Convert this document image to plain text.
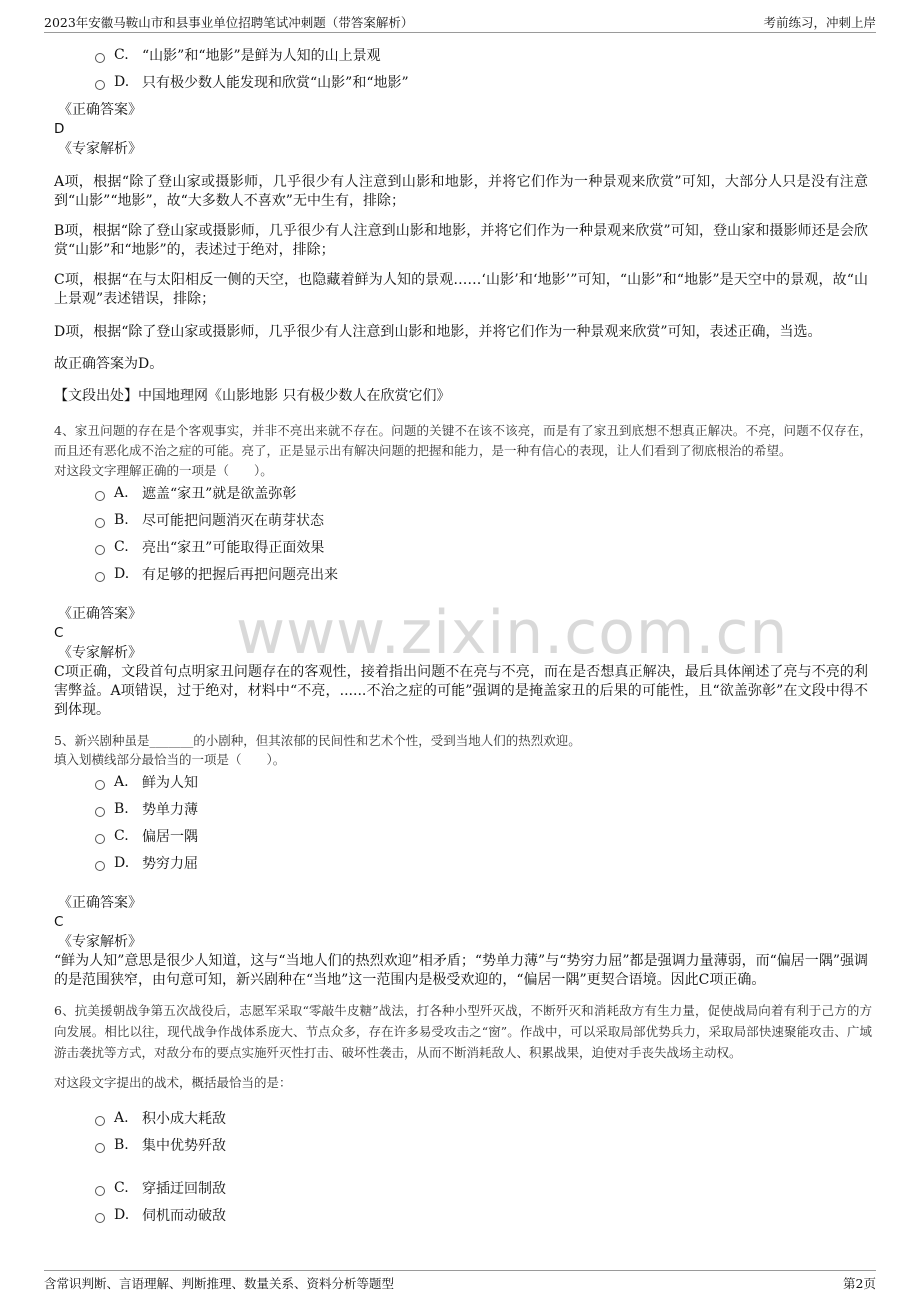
2023年安徽马鞍山市和县事业单位招聘笔试冲刺题（带答案解析）	考前练习，冲刺上岸
www.zixin.com.cn
C. “山影”和“地影”是鲜为人知的山上景观
D. 只有极少数人能发现和欣赏“山影”和“地影”
《正确答案》
D
《专家解析》
A项，根据“除了登山家或摄影师，几乎很少有人注意到山影和地影，并将它们作为一种景观来欣赏”可知，大部分人只是没有注意到“山影”“地影”，故“大多数人不喜欢”无中生有，排除；
B项，根据“除了登山家或摄影师，几乎很少有人注意到山影和地影，并将它们作为一种景观来欣赏”可知，登山家和摄影师还是会欣赏“山影”和“地影”的，表述过于绝对，排除；
C项，根据“在与太阳相反一侧的天空，也隐藏着鲜为人知的景观……‘山影’和‘地影’”可知，“山影”和“地影”是天空中的景观，故“山上景观”表述错误，排除；
D项，根据“除了登山家或摄影师，几乎很少有人注意到山影和地影，并将它们作为一种景观来欣赏”可知，表述正确，当选。
故正确答案为D。
【文段出处】中国地理网《山影地影 只有极少数人在欣赏它们》
4、家丑问题的存在是个客观事实，并非不亮出来就不存在。问题的关键不在该不该亮，而是有了家丑到底想不想真正解决。不亮，问题不仅存在，而且还有恶化成不治之症的可能。亮了，正是显示出有解决问题的把握和能力，是一种有信心的表现，让人们看到了彻底根治的希望。
对这段文字理解正确的一项是（　　）。
A. 遮盖“家丑”就是欲盖弥彰
B. 尽可能把问题消灭在萌芽状态
C. 亮出“家丑”可能取得正面效果
D. 有足够的把握后再把问题亮出来
《正确答案》
C
《专家解析》
C项正确，文段首句点明家丑问题存在的客观性，接着指出问题不在亮与不亮，而在是否想真正解决，最后具体阐述了亮与不亮的利害弊益。A项错误，过于绝对，材料中“不亮，......不治之症的可能”强调的是掩盖家丑的后果的可能性，且“欲盖弥彰”在文段中得不到体现。
5、新兴剧种虽是_______的小剧种，但其浓郁的民间性和艺术个性，受到当地人们的热烈欢迎。
填入划横线部分最恰当的一项是（　　）。
A. 鲜为人知
B. 势单力薄
C. 偏居一隅
D. 势穷力屈
《正确答案》
C
《专家解析》
“鲜为人知”意思是很少人知道，这与“当地人们的热烈欢迎”相矛盾；“势单力薄”与“势穷力屈”都是强调力量薄弱，而“偏居一隅”强调的是范围狭窄，由句意可知，新兴剧种在“当地”这一范围内是极受欢迎的，“偏居一隅”更契合语境。因此C项正确。
6、抗美援朝战争第五次战役后，志愿军采取“零敲牛皮糖”战法，打各种小型歼灭战，不断歼灭和消耗敌方有生力量，促使战局向着有利于己方的方向发展。相比以往，现代战争作战体系庞大、节点众多，存在许多易受攻击之“窗”。作战中，可以采取局部优势兵力，采取局部快速聚能攻击、广域游击袭扰等方式，对敌分布的要点实施歼灭性打击、破坏性袭击，从而不断消耗敌人、积累战果，迫使对手丧失战场主动权。
对这段文字提出的战术，概括最恰当的是：
A. 积小成大耗敌
B. 集中优势歼敌
C. 穿插迂回制敌
D. 伺机而动破敌
含常识判断、言语理解、判断推理、数量关系、资料分析等题型	第2页
